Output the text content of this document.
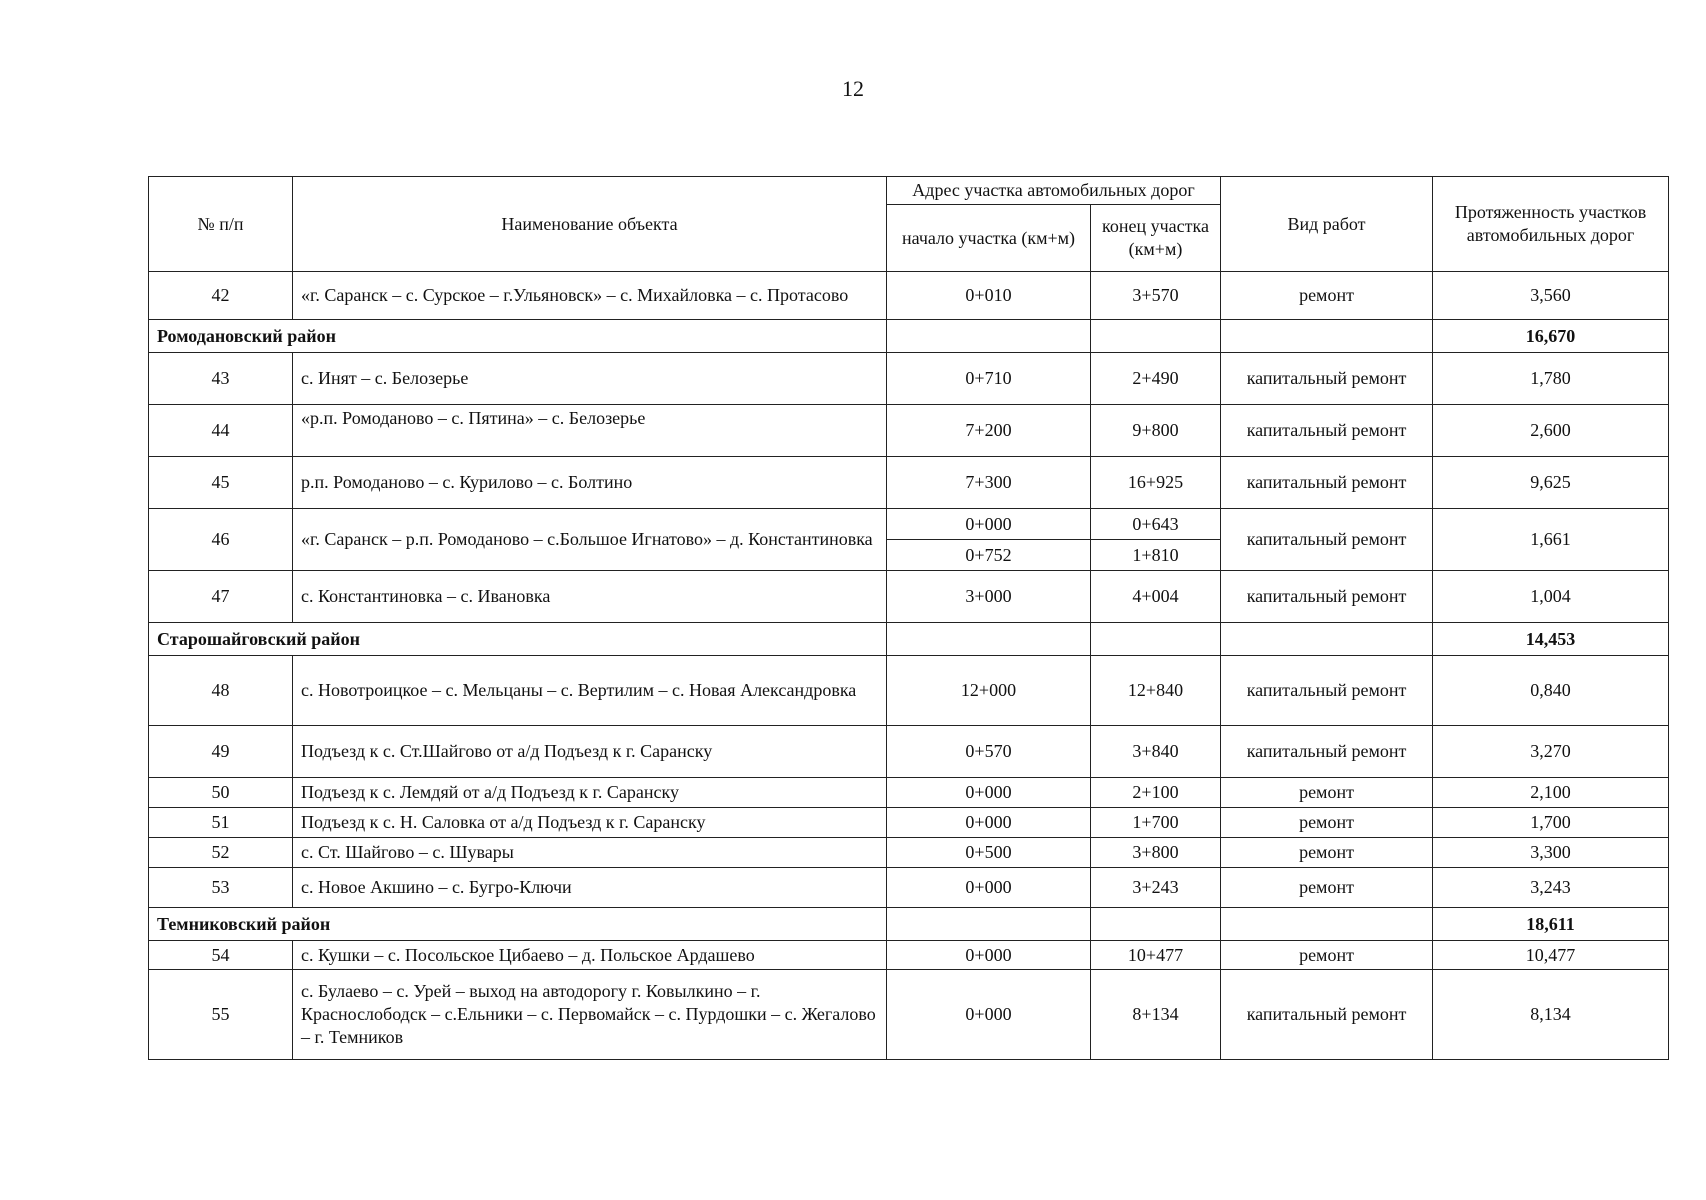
12
№ п/п	Наименование объекта	Адрес участка автомобильных дорог		Вид работ	Протяженность участков автомобильных дорог
		начало участка (км+м)	конец участка (км+м)		
42	«г. Саранск – с. Сурское – г.Ульяновск» – с. Михайловка – с. Протасово	0+010	3+570	ремонт	3,560
Ромодановский район					16,670
43	с. Инят – с. Белозерье	0+710	2+490	капитальный ремонт	1,780
44	«р.п. Ромоданово – с. Пятина» – с. Белозерье	7+200	9+800	капитальный ремонт	2,600
45	р.п. Ромоданово – с. Курилово – с. Болтино	7+300	16+925	капитальный ремонт	9,625
46	«г. Саранск – р.п. Ромоданово – с.Большое Игнатово» – д. Константиновка	0+000	0+643	капитальный ремонт	1,661
		0+752	1+810		
47	с. Константиновка – с. Ивановка	3+000	4+004	капитальный ремонт	1,004
Старошайговский район					14,453
48	с. Новотроицкое – с. Мельцаны – с. Вертилим – с. Новая Александровка	12+000	12+840	капитальный ремонт	0,840
49	Подъезд к с. Ст.Шайгово от а/д Подъезд к г. Саранску	0+570	3+840	капитальный ремонт	3,270
50	Подъезд к с. Лемдяй от а/д Подъезд к г. Саранску	0+000	2+100	ремонт	2,100
51	Подъезд к с. Н. Саловка от а/д Подъезд к г. Саранску	0+000	1+700	ремонт	1,700
52	с. Ст. Шайгово – с. Шувары	0+500	3+800	ремонт	3,300
53	с. Новое Акшино – с. Бугро-Ключи	0+000	3+243	ремонт	3,243
Темниковский район					18,611
54	с. Кушки – с. Посольское Цибаево – д. Польское Ардашево	0+000	10+477	ремонт	10,477
55	с. Булаево – с. Урей – выход на автодорогу г. Ковылкино – г. Краснослободск – с.Ельники – с. Первомайск – с. Пурдошки – с. Жегалово – г. Темников	0+000	8+134	капитальный ремонт	8,134
